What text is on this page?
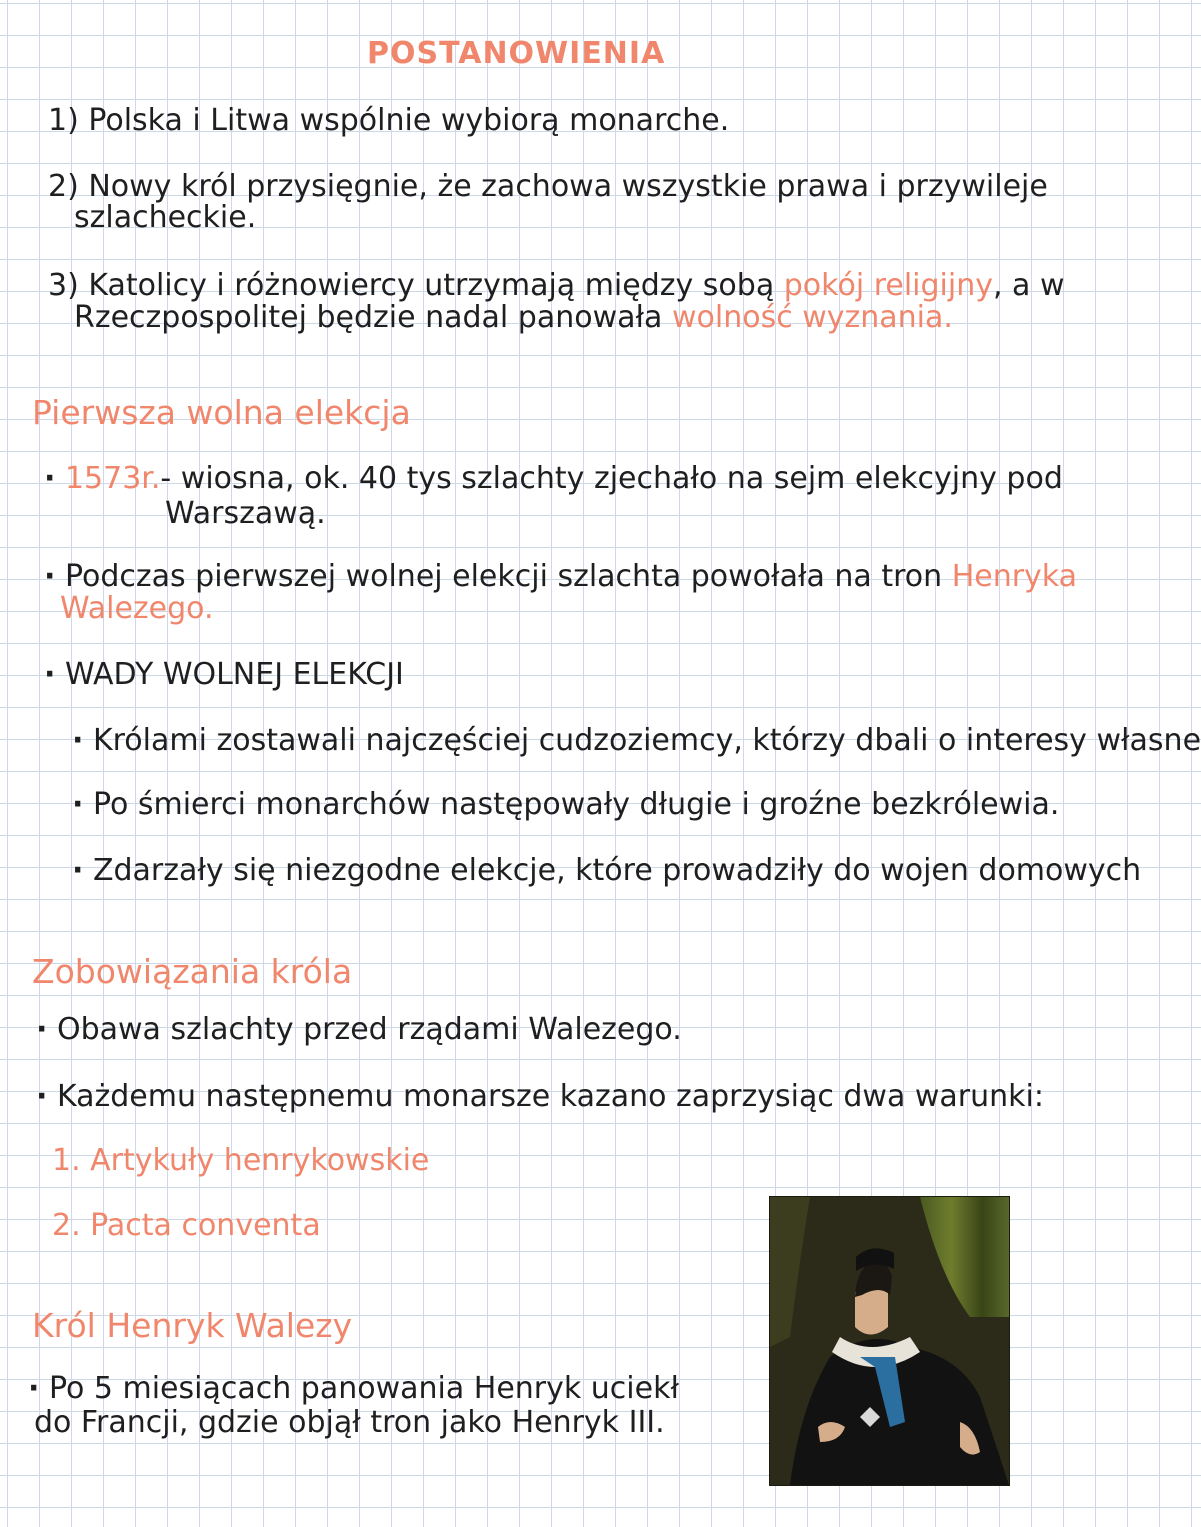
POSTANOWIENIA
1) Polska i Litwa wspólnie wybiorą monarche.
2) Nowy król przysięgnie, że zachowa wszystkie prawa i przywileje
szlacheckie.
3) Katolicy i różnowiercy utrzymają między sobą pokój religijny, a w
Rzeczpospolitej będzie nadal panowała wolność wyznania.
Pierwsza wolna elekcja
· 1573r.- wiosna, ok. 40 tys szlachty zjechało na sejm elekcyjny pod
Warszawą.
· Podczas pierwszej wolnej elekcji szlachta powołała na tron Henryka
Walezego.
· WADY WOLNEJ ELEKCJI
· Królami zostawali najczęściej cudzoziemcy, którzy dbali o interesy własne
· Po śmierci monarchów następowały długie i groźne bezkrólewia.
· Zdarzały się niezgodne elekcje, które prowadziły do wojen domowych
Zobowiązania króla
· Obawa szlachty przed rządami Walezego.
· Każdemu następnemu monarsze kazano zaprzysiąc dwa warunki:
1. Artykuły henrykowskie
2. Pacta conventa
Król Henryk Walezy
· Po 5 miesiącach panowania Henryk uciekł
do Francji, gdzie objął tron jako Henryk III.
